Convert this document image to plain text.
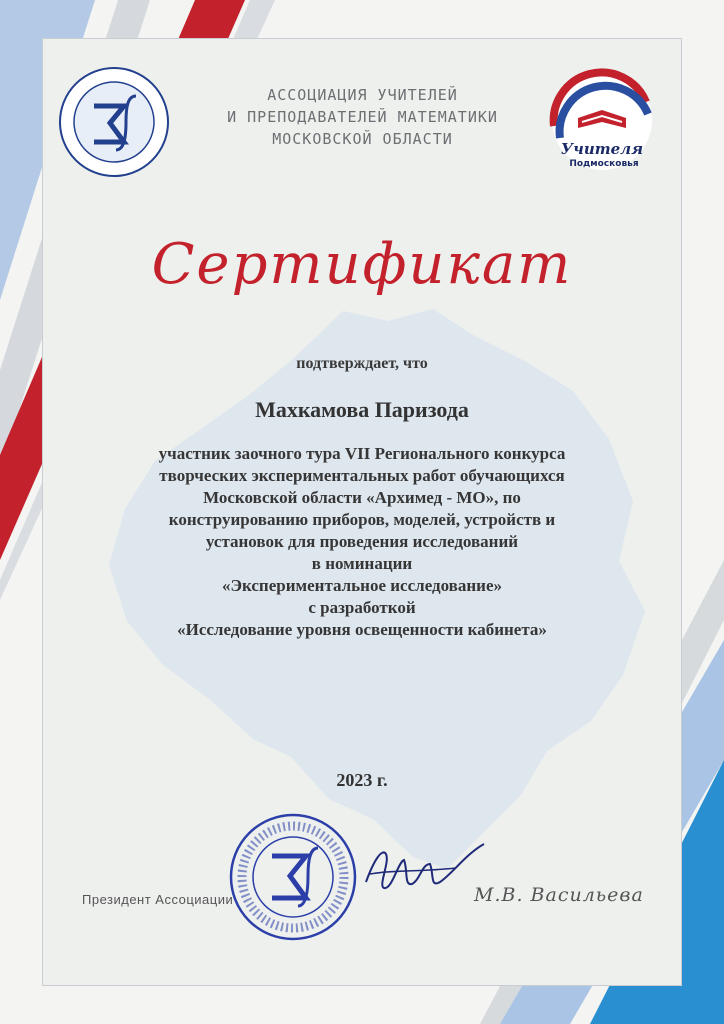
Учителя
Подмосковья
АССОЦИАЦИЯ УЧИТЕЛЕЙ
И ПРЕПОДАВАТЕЛЕЙ МАТЕМАТИКИ
МОСКОВСКОЙ ОБЛАСТИ
Сертификат
подтверждает, что
Махкамова Паризода
участник заочного тура VII Регионального конкурса
творческих экспериментальных работ обучающихся
Московской области «Архимед - МО», по
конструированию приборов, моделей, устройств и
установок для проведения исследований
в номинации
«Экспериментальное исследование»
с разработкой
«Исследование уровня освещенности кабинета»
2023 г.
Президент Ассоциации	М.В. Васильева
